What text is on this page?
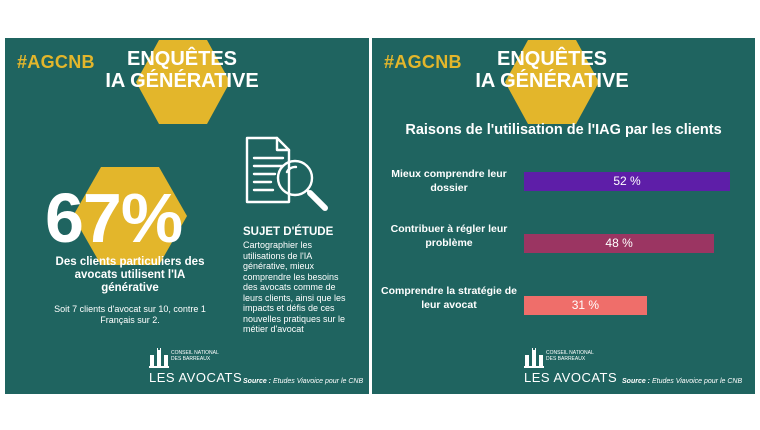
#AGCNB	ENQUÊTES
IA GÉNÉRATIVE
67%
Des clients particuliers des avocats utilisent l'IA générative
Soit 7 clients d'avocat sur 10, contre 1 Français sur 2.
SUJET D'ÉTUDE
Cartographier les utilisations de l'IA générative, mieux comprendre les besoins des avocats comme de leurs clients, ainsi que les impacts et défis de ces nouvelles pratiques sur le métier d'avocat
CONSEIL NATIONAL
DES BARREAUX
LES AVOCATS Source : Etudes Viavoice pour le CNB
#AGCNB	ENQUÊTES
IA GÉNÉRATIVE
Raisons de l'utilisation de l'IAG par les clients
Mieux comprendre leur dossier	52 %
Contribuer à régler leur problème	48 %
Comprendre la stratégie de leur avocat	31 %
CONSEIL NATIONAL
DES BARREAUX
LES AVOCATS Source : Etudes Viavoice pour le CNB
